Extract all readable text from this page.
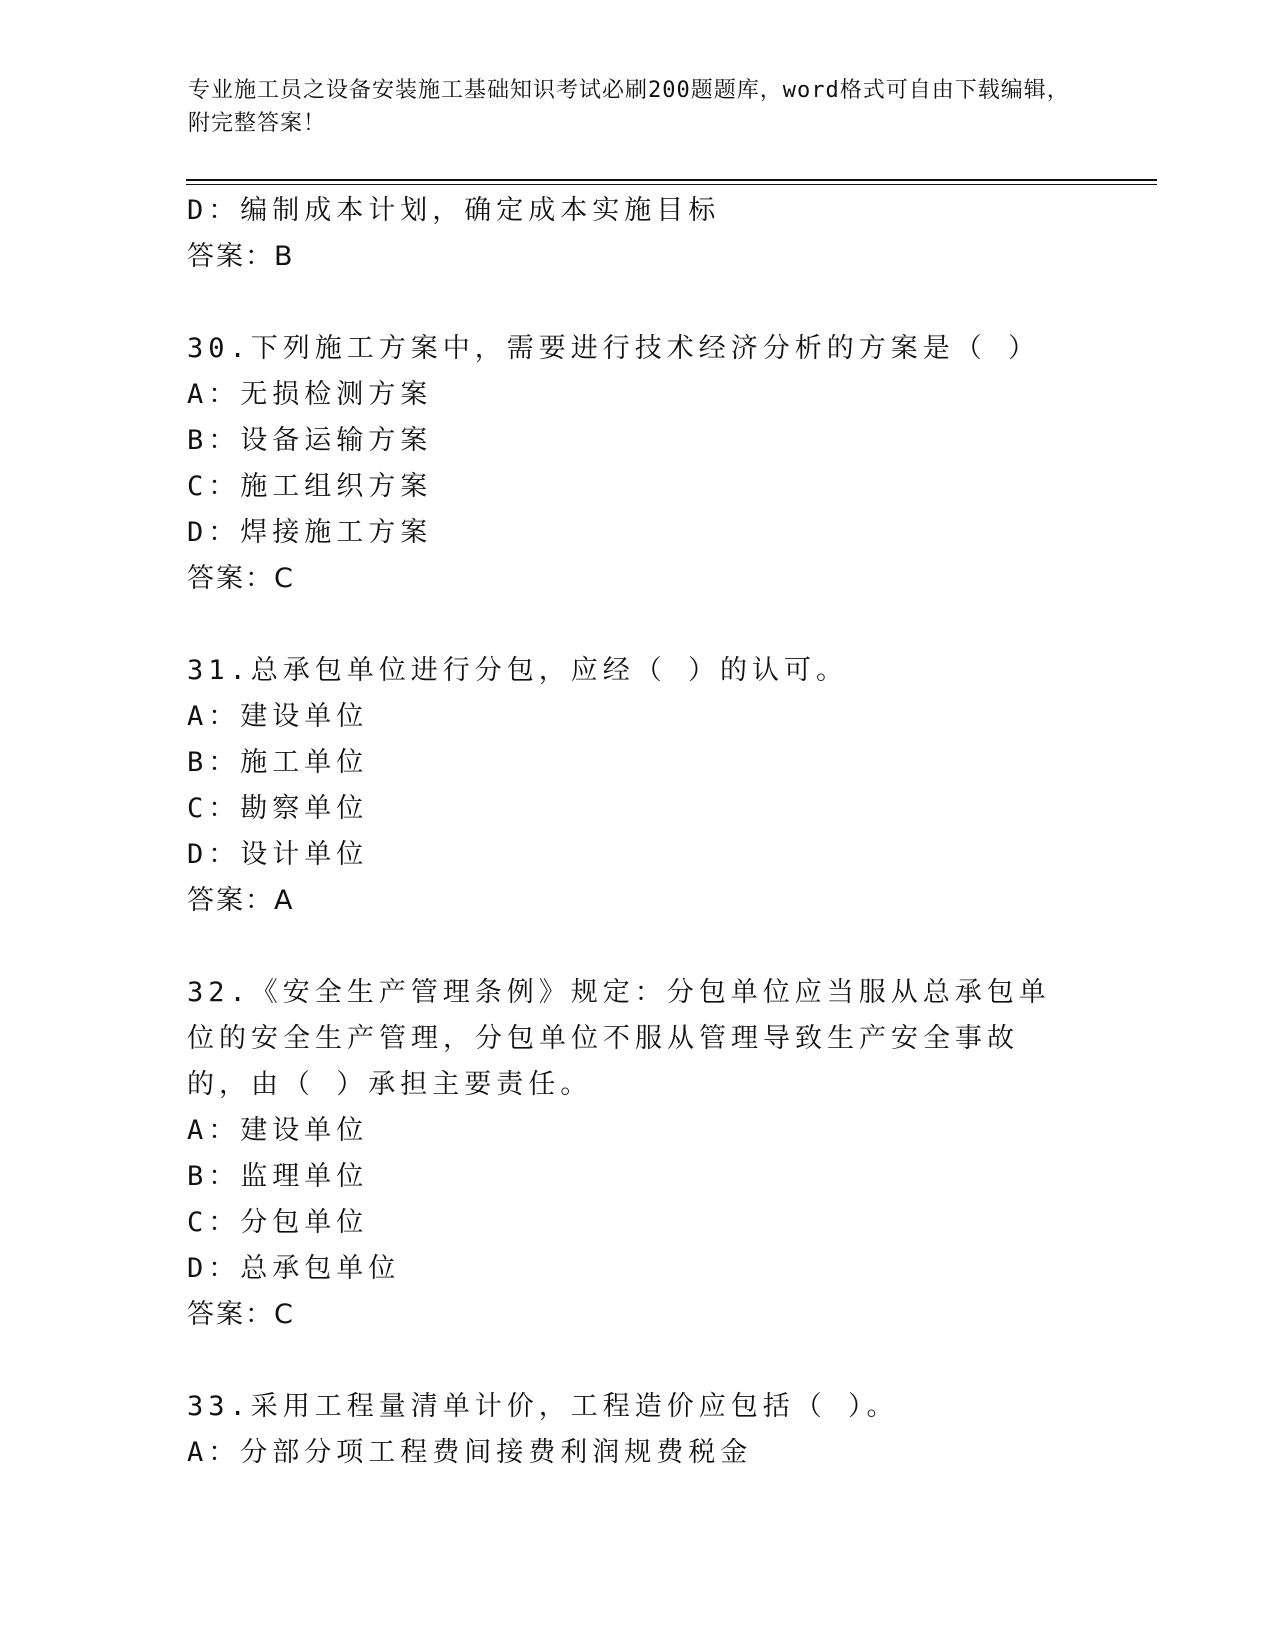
专业施工员之设备安装施工基础知识考试必刷200题题库，word格式可自由下载编辑，附完整答案！
D：编制成本计划，确定成本实施目标
答案：B
30.下列施工方案中，需要进行技术经济分析的方案是（ ）
A：无损检测方案
B：设备运输方案
C：施工组织方案
D：焊接施工方案
答案：C
31.总承包单位进行分包，应经（ ）的认可。
A：建设单位
B：施工单位
C：勘察单位
D：设计单位
答案：A
32.《安全生产管理条例》规定：分包单位应当服从总承包单位的安全生产管理，分包单位不服从管理导致生产安全事故的，由（ ）承担主要责任。
A：建设单位
B：监理单位
C：分包单位
D：总承包单位
答案：C
33.采用工程量清单计价，工程造价应包括（ ）。
A：分部分项工程费间接费利润规费税金
